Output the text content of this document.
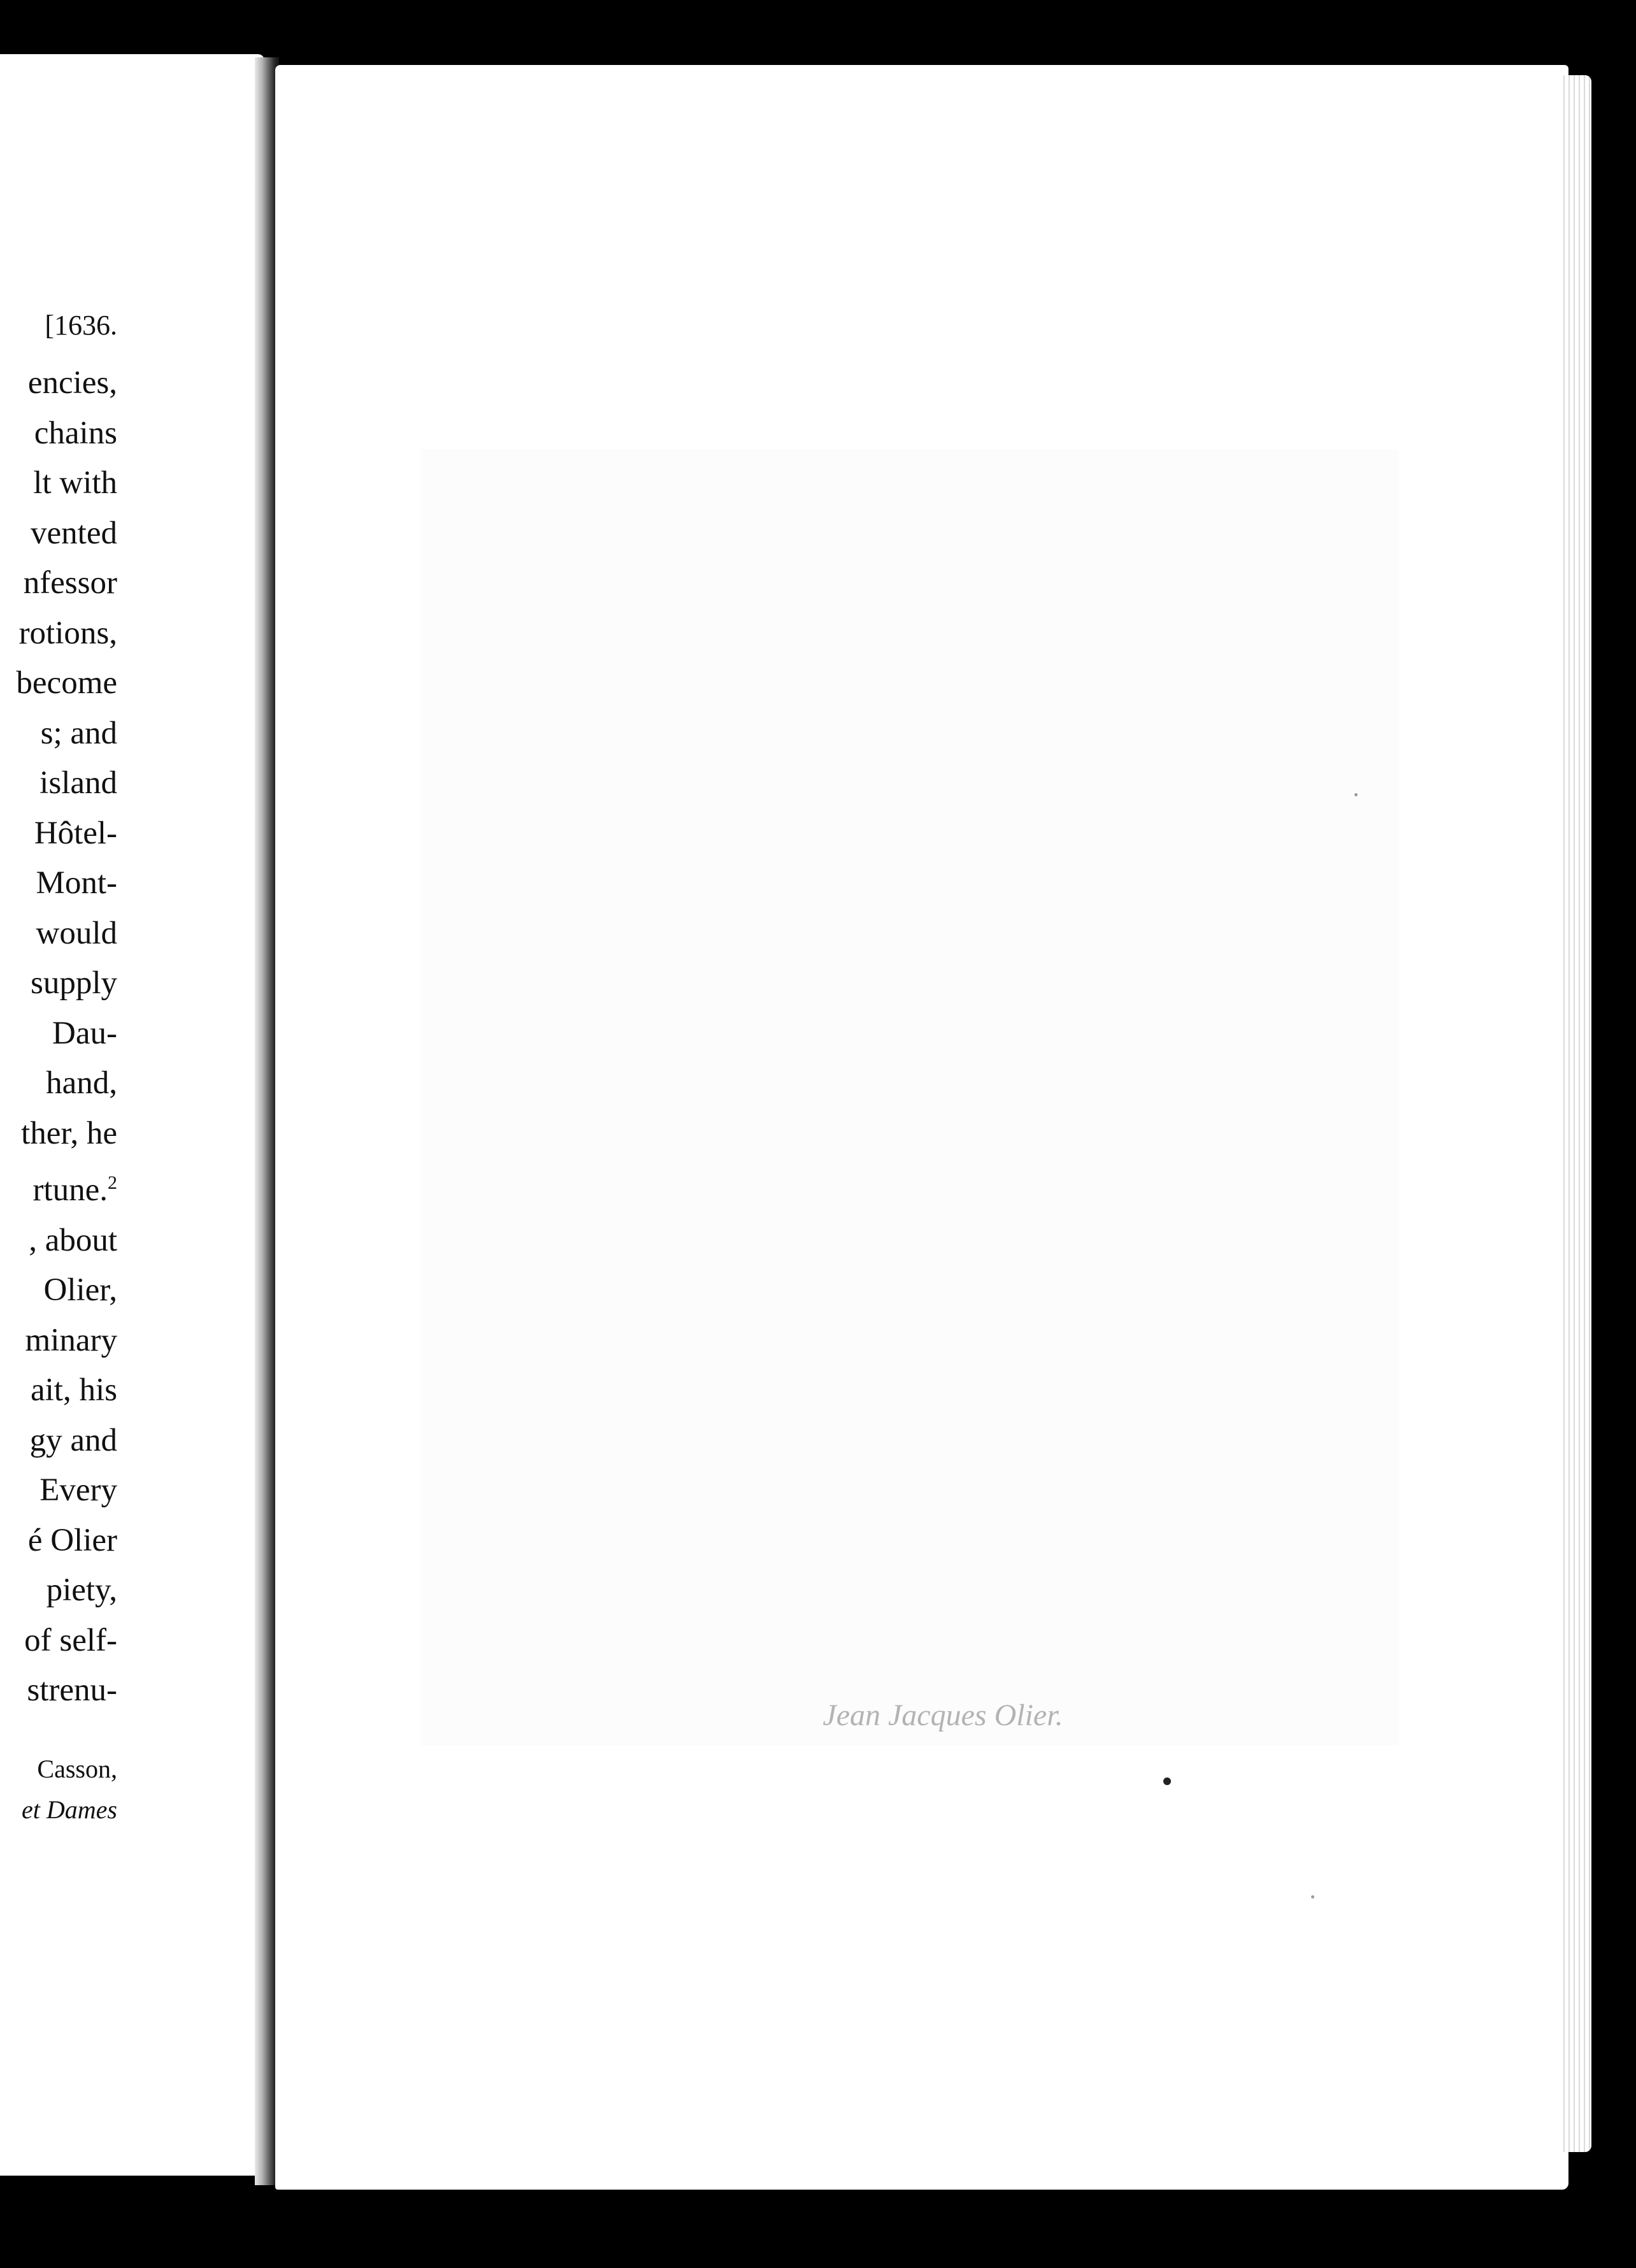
[1636.
encies,
chains
lt with
vented
nfessor
rotions,
become
s; and
island
Hôtel-
Mont-
would
supply
Dau-
hand,
ther, he
rtune.$^2$
, about
Olier,
minary
ait, his
gy and
Every
é Olier
piety,
of self-
strenu-
Casson,
et Dames
Jean Jacques Olier.
